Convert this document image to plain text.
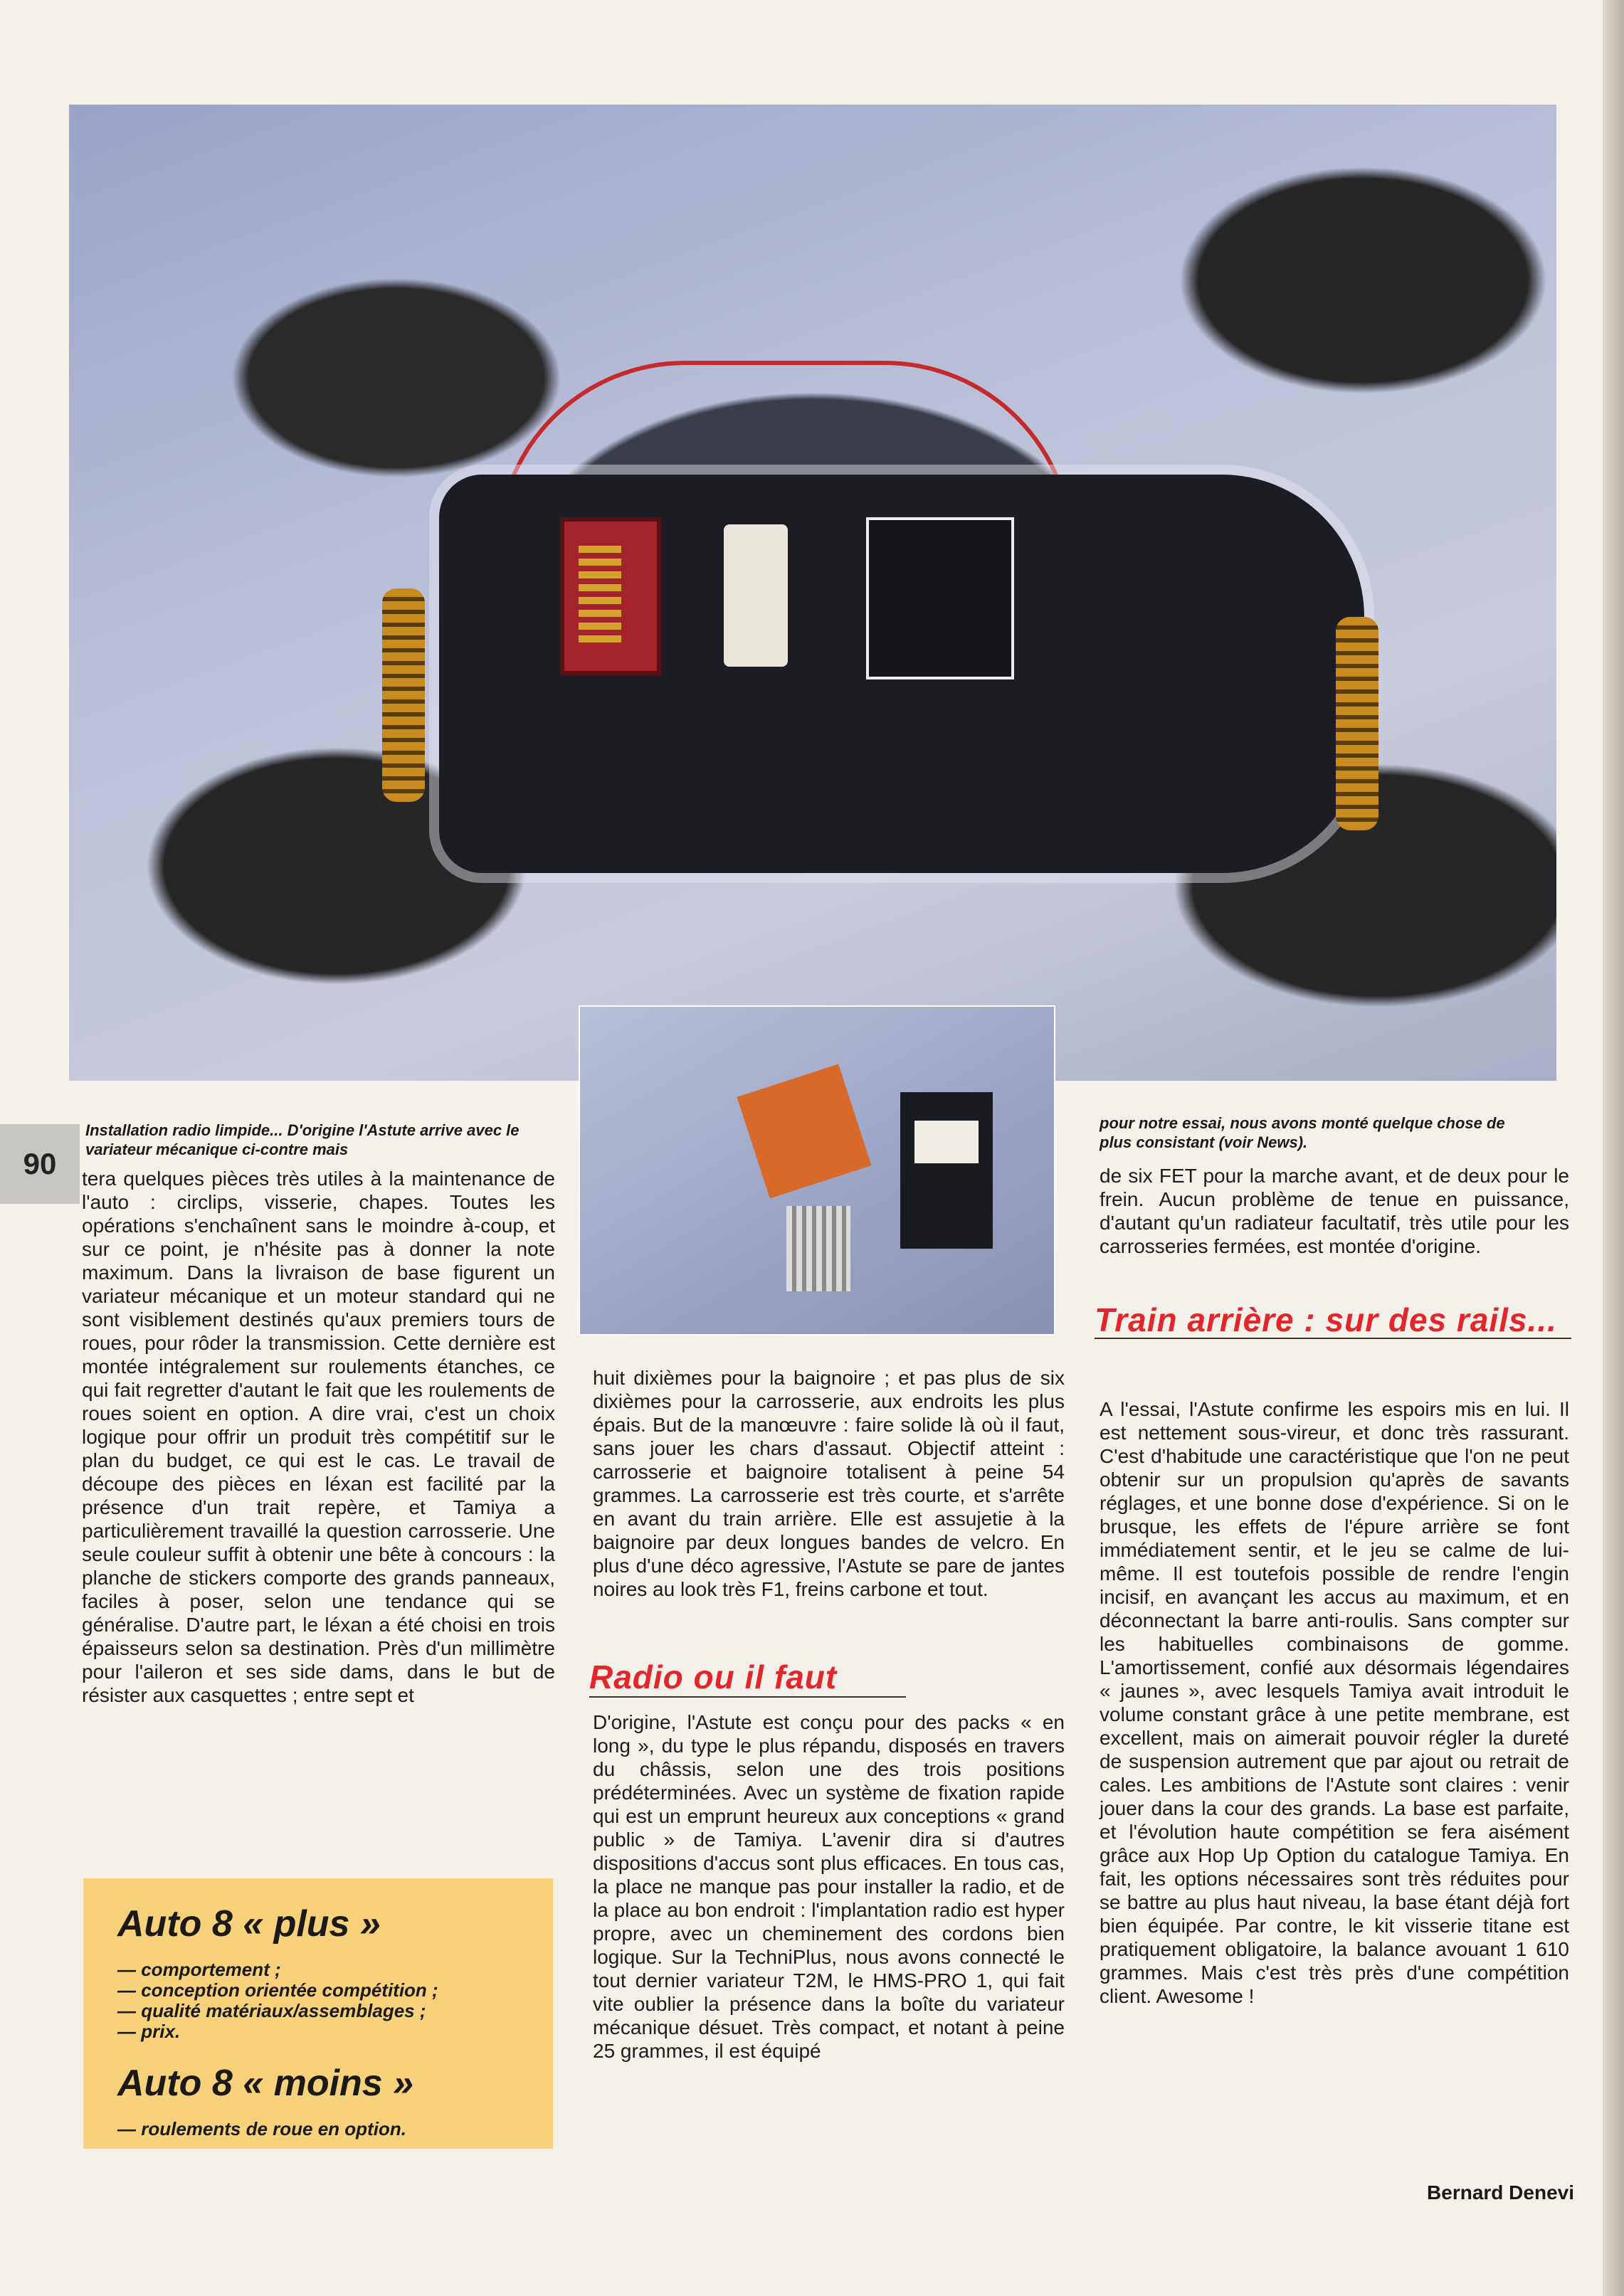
90
Installation radio limpide... D'origine l'Astute arrive avec le variateur mécanique ci-contre mais
pour notre essai, nous avons monté quelque chose de plus consistant (voir News).

tera quelques pièces très utiles à la maintenance de l'auto : circlips, visserie, chapes. Toutes les opérations s'enchaînent sans le moindre à-coup, et sur ce point, je n'hésite pas à donner la note maximum. Dans la livraison de base figurent un variateur mécanique et un moteur standard qui ne sont visiblement destinés qu'aux premiers tours de roues, pour rôder la transmission. Cette dernière est montée intégralement sur roulements étanches, ce qui fait regretter d'autant le fait que les roulements de roues soient en option. A dire vrai, c'est un choix logique pour offrir un produit très compétitif sur le plan du budget, ce qui est le cas. Le travail de découpe des pièces en léxan est facilité par la présence d'un trait repère, et Tamiya a particulièrement travaillé la question carrosserie. Une seule couleur suffit à obtenir une bête à concours : la planche de stickers comporte des grands panneaux, faciles à poser, selon une tendance qui se généralise. D'autre part, le léxan a été choisi en trois épaisseurs selon sa destination. Près d'un millimètre pour l'aileron et ses side dams, dans le but de résister aux casquettes ; entre sept et

huit dixièmes pour la baignoire ; et pas plus de six dixièmes pour la carrosserie, aux endroits les plus épais. But de la manœuvre : faire solide là où il faut, sans jouer les chars d'assaut. Objectif atteint : carrosserie et baignoire totalisent à peine 54 grammes. La carrosserie est très courte, et s'arrête en avant du train arrière. Elle est assujetie à la baignoire par deux longues bandes de velcro. En plus d'une déco agressive, l'Astute se pare de jantes noires au look très F1, freins carbone et tout.

Radio ou il faut

D'origine, l'Astute est conçu pour des packs « en long », du type le plus répandu, disposés en travers du châssis, selon une des trois positions prédéterminées. Avec un système de fixation rapide qui est un emprunt heureux aux conceptions « grand public » de Tamiya. L'avenir dira si d'autres dispositions d'accus sont plus efficaces. En tous cas, la place ne manque pas pour installer la radio, et de la place au bon endroit : l'implantation radio est hyper propre, avec un cheminement des cordons bien logique. Sur la TechniPlus, nous avons connecté le tout dernier variateur T2M, le HMS-PRO 1, qui fait vite oublier la présence dans la boîte du variateur mécanique désuet. Très compact, et notant à peine 25 grammes, il est équipé

de six FET pour la marche avant, et de deux pour le frein. Aucun problème de tenue en puissance, d'autant qu'un radiateur facultatif, très utile pour les carrosseries fermées, est montée d'origine.

Train arrière : sur des rails...

A l'essai, l'Astute confirme les espoirs mis en lui. Il est nettement sous-vireur, et donc très rassurant. C'est d'habitude une caractéristique que l'on ne peut obtenir sur un propulsion qu'après de savants réglages, et une bonne dose d'expérience. Si on le brusque, les effets de l'épure arrière se font immédiatement sentir, et le jeu se calme de lui-même. Il est toutefois possible de rendre l'engin incisif, en avançant les accus au maximum, et en déconnectant la barre anti-roulis. Sans compter sur les habituelles combinaisons de gomme. L'amortissement, confié aux désormais légendaires « jaunes », avec lesquels Tamiya avait introduit le volume constant grâce à une petite membrane, est excellent, mais on aimerait pouvoir régler la dureté de suspension autrement que par ajout ou retrait de cales. Les ambitions de l'Astute sont claires : venir jouer dans la cour des grands. La base est parfaite, et l'évolution haute compétition se fera aisément grâce aux Hop Up Option du catalogue Tamiya. En fait, les options nécessaires sont très réduites pour se battre au plus haut niveau, la base étant déjà fort bien équipée. Par contre, le kit visserie titane est pratiquement obligatoire, la balance avouant 1 610 grammes. Mais c'est très près d'une compétition client. Awesome !

Bernard Denevi
Auto 8 « plus »
— comportement ;
— conception orientée compétition ;
— qualité matériaux/assemblages ;
— prix.
Auto 8 « moins »
— roulements de roue en option.
